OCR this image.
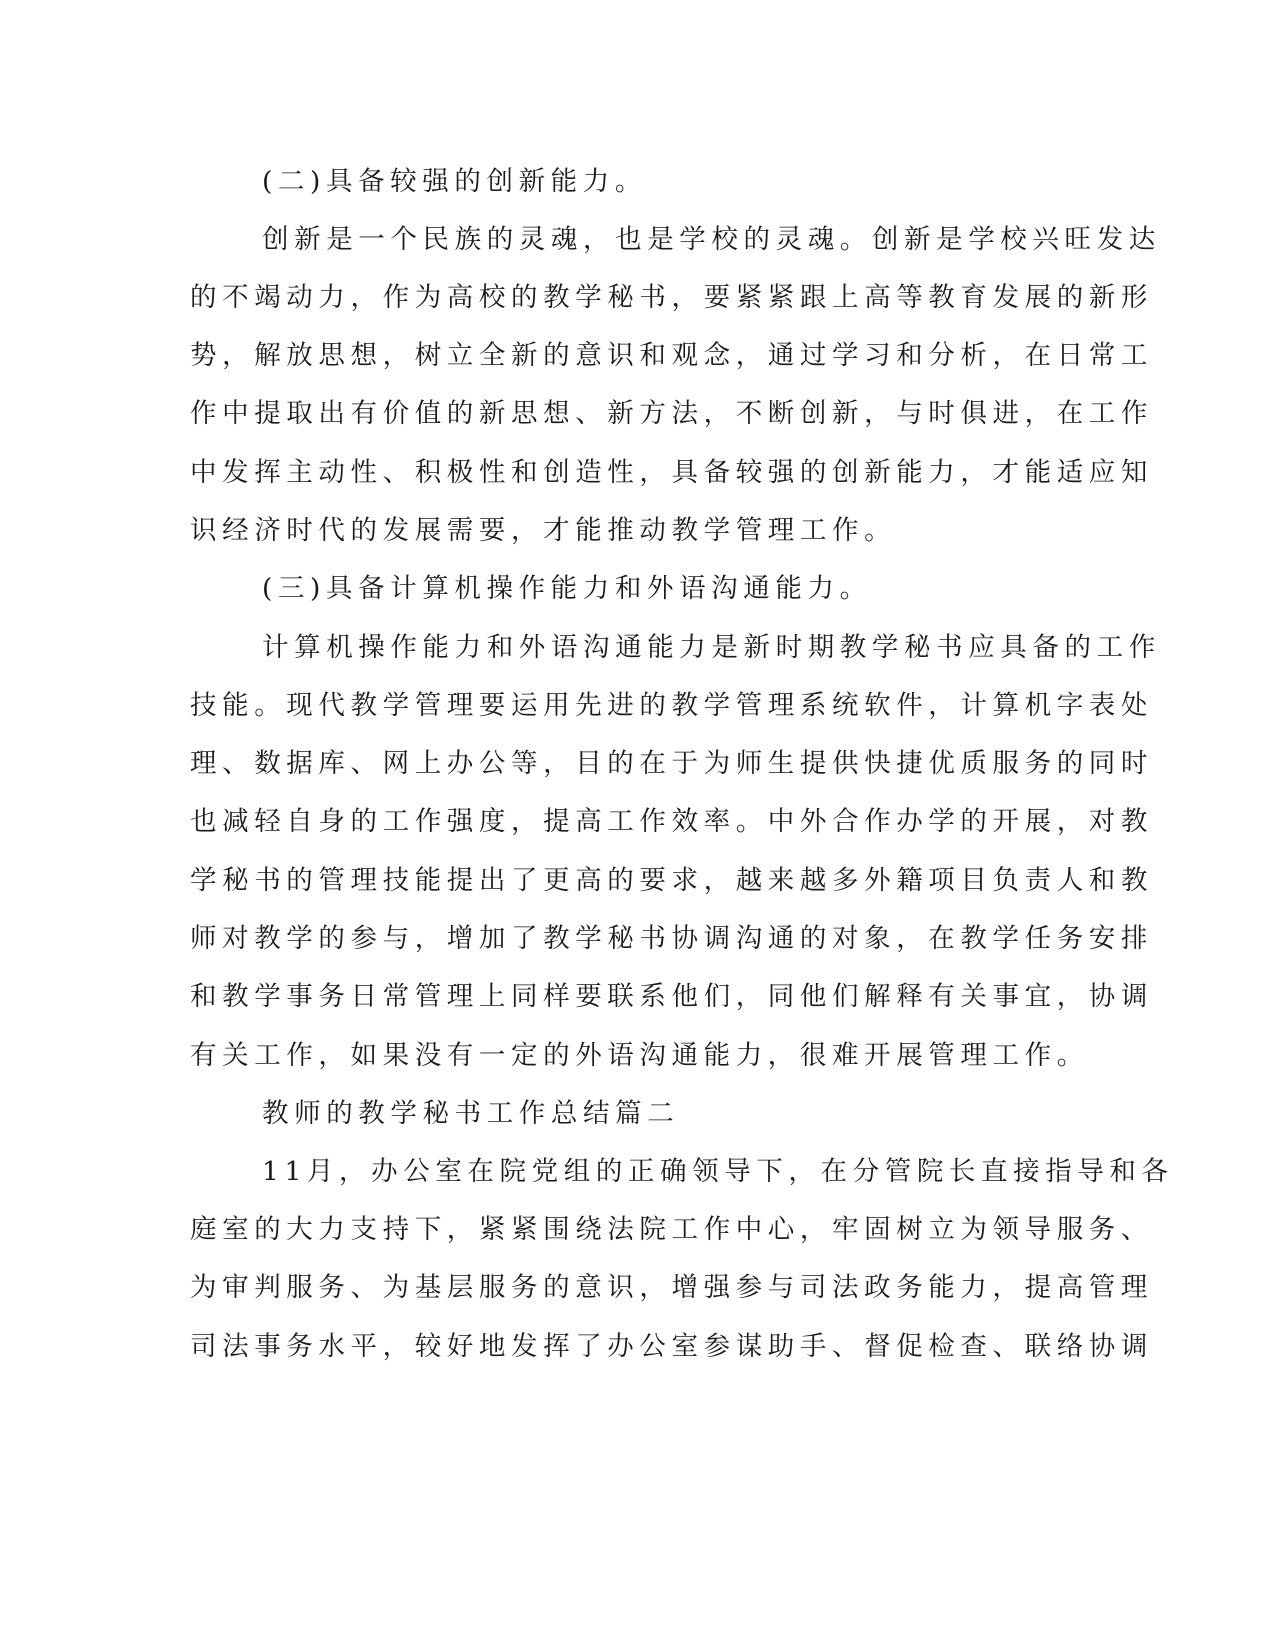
(二)具备较强的创新能力。
创新是一个民族的灵魂，也是学校的灵魂。创新是学校兴旺发达
的不竭动力，作为高校的教学秘书，要紧紧跟上高等教育发展的新形
势，解放思想，树立全新的意识和观念，通过学习和分析，在日常工
作中提取出有价值的新思想、新方法，不断创新，与时俱进，在工作
中发挥主动性、积极性和创造性，具备较强的创新能力，才能适应知
识经济时代的发展需要，才能推动教学管理工作。
(三)具备计算机操作能力和外语沟通能力。
计算机操作能力和外语沟通能力是新时期教学秘书应具备的工作
技能。现代教学管理要运用先进的教学管理系统软件，计算机字表处
理、数据库、网上办公等，目的在于为师生提供快捷优质服务的同时
也减轻自身的工作强度，提高工作效率。中外合作办学的开展，对教
学秘书的管理技能提出了更高的要求，越来越多外籍项目负责人和教
师对教学的参与，增加了教学秘书协调沟通的对象，在教学任务安排
和教学事务日常管理上同样要联系他们，同他们解释有关事宜，协调
有关工作，如果没有一定的外语沟通能力，很难开展管理工作。
教师的教学秘书工作总结篇二
11月，办公室在院党组的正确领导下，在分管院长直接指导和各
庭室的大力支持下，紧紧围绕法院工作中心，牢固树立为领导服务、
为审判服务、为基层服务的意识，增强参与司法政务能力，提高管理
司法事务水平，较好地发挥了办公室参谋助手、督促检查、联络协调
